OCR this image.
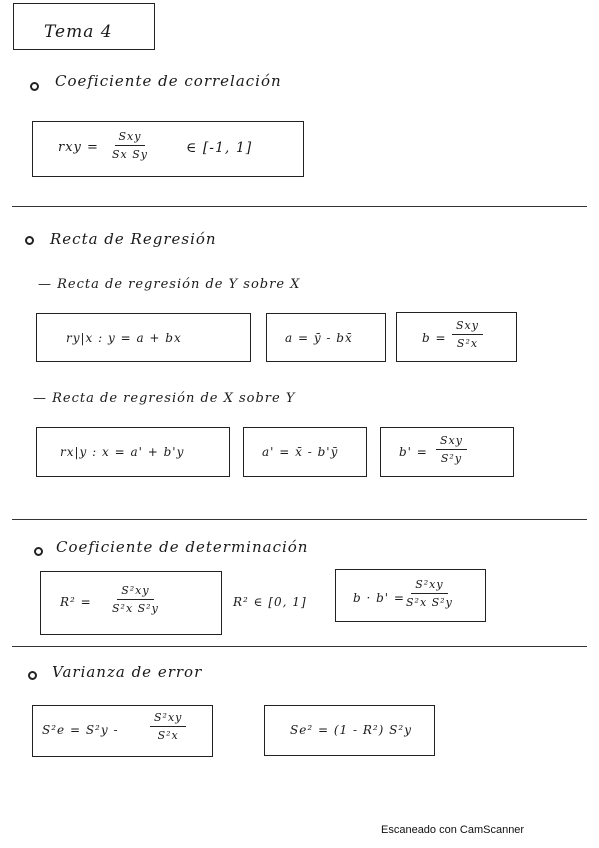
Tema 4
Coeficiente de correlación
rxy =
Sxy
Sx Sy	∈ [-1, 1]
Recta de Regresión
— Recta de regresión de Y sobre X
ry|x : y = a + bx	a = ȳ - bx̄	b =
Sxy
S²x
— Recta de regresión de X sobre Y
rx|y : x = a' + b'y	a' = x̄ - b'ȳ	b' =
Sxy
S²y
Coeficiente de determinación
$R^2 = \frac{\text{S²xy}}{\text{S²x S²y}}$	R² ∈ [0, 1]	$b \cdot b' = \frac{\text{S²xy}}{\text{S²x S²y}}$
Varianza de error
S²e = S²y -	$\frac{\text{S²xy}}{\text{S²x}}$	Se² = (1 - R²) S²y
Escaneado con CamScanner
